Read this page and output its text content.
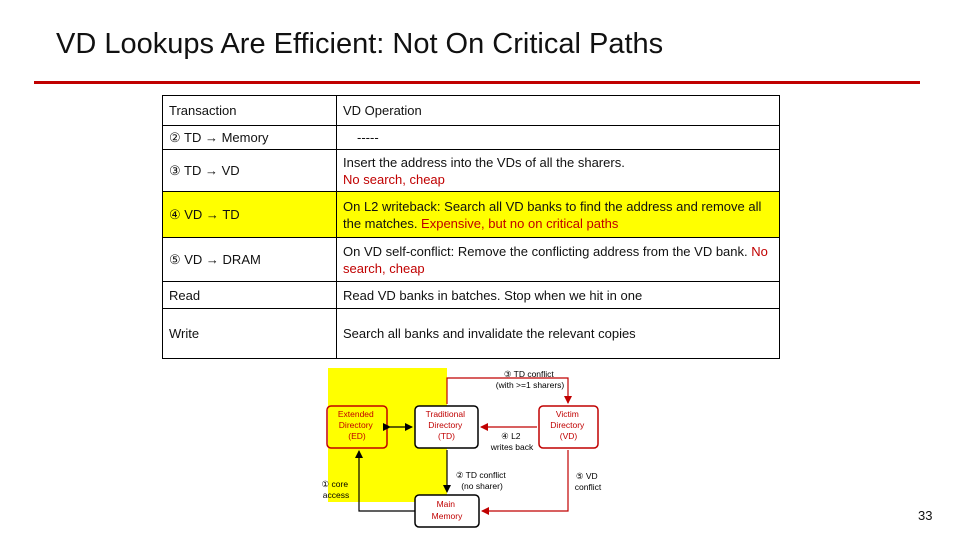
VD Lookups Are Efficient: Not On Critical Paths
Transaction	VD Operation
② TD → Memory	-----
③ TD → VD	Insert the address into the VDs of all the sharers.
No search, cheap
④ VD → TD	On L2 writeback: Search all VD banks to find the address and remove all the matches. Expensive, but no on critical paths
⑤ VD → DRAM	On VD self-conflict: Remove the conflicting address from the VD bank. No search, cheap
Read	Read VD banks in batches. Stop when we hit in one
Write	Search all banks and invalidate the relevant copies
Extended Directory (ED)
Traditional Directory (TD)
Victim Directory (VD)
Main Memory
③ TD conflict (with >=1 sharers)
④ L2 writes back
② TD conflict (no sharer)
⑤ VD conflict
① core access
33
